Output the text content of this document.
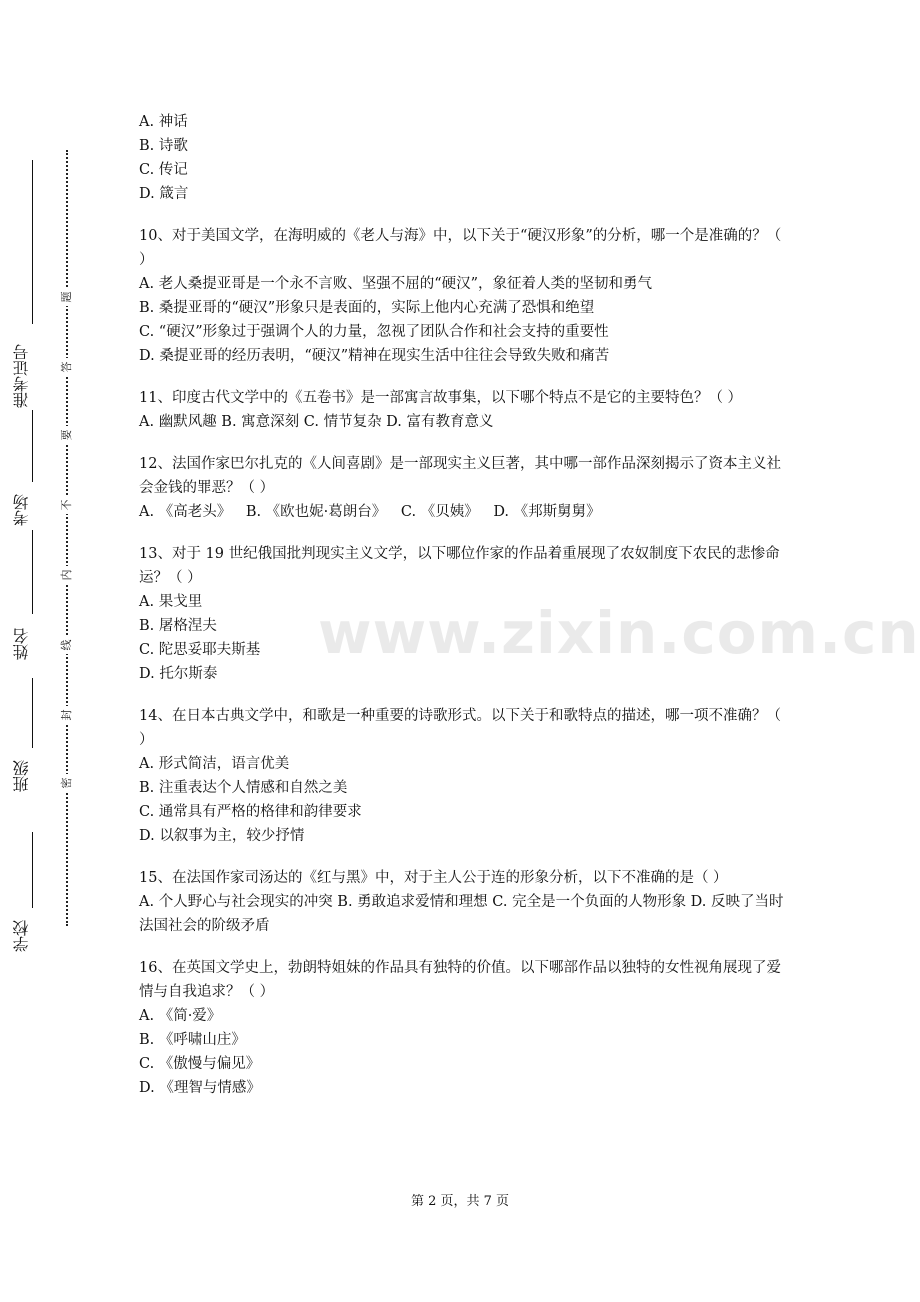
学校
班级
姓名
考场
准考证号
密
封
线
内
不
要
答
题
www.zixin.com.cn
A. 神话
B. 诗歌
C. 传记
D. 箴言
10、对于美国文学，在海明威的《老人与海》中，以下关于“硬汉形象”的分析，哪一个是准确的？（ ）
A. 老人桑提亚哥是一个永不言败、坚强不屈的“硬汉”，象征着人类的坚韧和勇气
B. 桑提亚哥的“硬汉”形象只是表面的，实际上他内心充满了恐惧和绝望
C. “硬汉”形象过于强调个人的力量，忽视了团队合作和社会支持的重要性
D. 桑提亚哥的经历表明，“硬汉”精神在现实生活中往往会导致失败和痛苦
11、印度古代文学中的《五卷书》是一部寓言故事集，以下哪个特点不是它的主要特色？（ ）
A. 幽默风趣 B. 寓意深刻 C. 情节复杂 D. 富有教育意义
12、法国作家巴尔扎克的《人间喜剧》是一部现实主义巨著，其中哪一部作品深刻揭示了资本主义社会金钱的罪恶？（ ）
A. 《高老头》 B. 《欧也妮·葛朗台》 C. 《贝姨》 D. 《邦斯舅舅》
13、对于 19 世纪俄国批判现实主义文学，以下哪位作家的作品着重展现了农奴制度下农民的悲惨命运？（ ）
A. 果戈里
B. 屠格涅夫
C. 陀思妥耶夫斯基
D. 托尔斯泰
14、在日本古典文学中，和歌是一种重要的诗歌形式。以下关于和歌特点的描述，哪一项不准确？（ ）
A. 形式简洁，语言优美
B. 注重表达个人情感和自然之美
C. 通常具有严格的格律和韵律要求
D. 以叙事为主，较少抒情
15、在法国作家司汤达的《红与黑》中，对于主人公于连的形象分析，以下不准确的是（ ）
A. 个人野心与社会现实的冲突 B. 勇敢追求爱情和理想 C. 完全是一个负面的人物形象 D. 反映了当时法国社会的阶级矛盾
16、在英国文学史上，勃朗特姐妹的作品具有独特的价值。以下哪部作品以独特的女性视角展现了爱情与自我追求？（ ）
A. 《简·爱》
B. 《呼啸山庄》
C. 《傲慢与偏见》
D. 《理智与情感》
第 2 页，共 7 页
